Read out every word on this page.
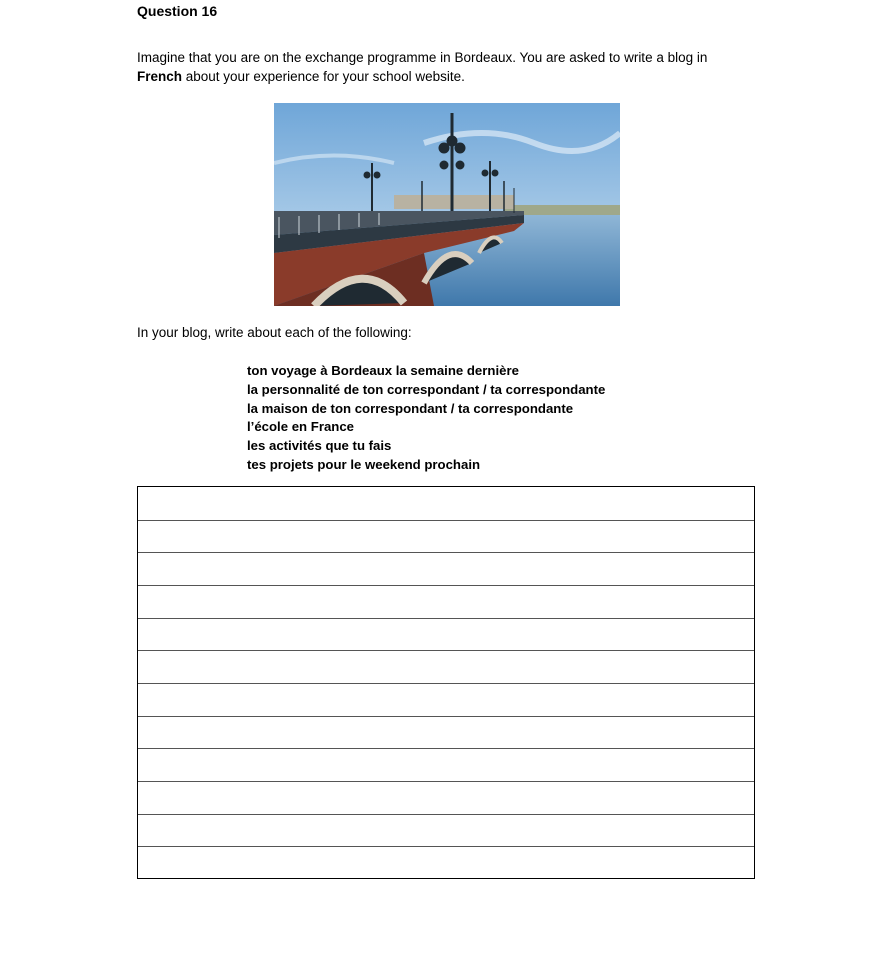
Question 16
Imagine that you are on the exchange programme in Bordeaux. You are asked to write a blog in
French about your experience for your school website.
In your blog, write about each of the following:
ton voyage à Bordeaux la semaine dernière
la personnalité de ton correspondant / ta correspondante
la maison de ton correspondant / ta correspondante
l’école en France
les activités que tu fais
tes projets pour le weekend prochain
